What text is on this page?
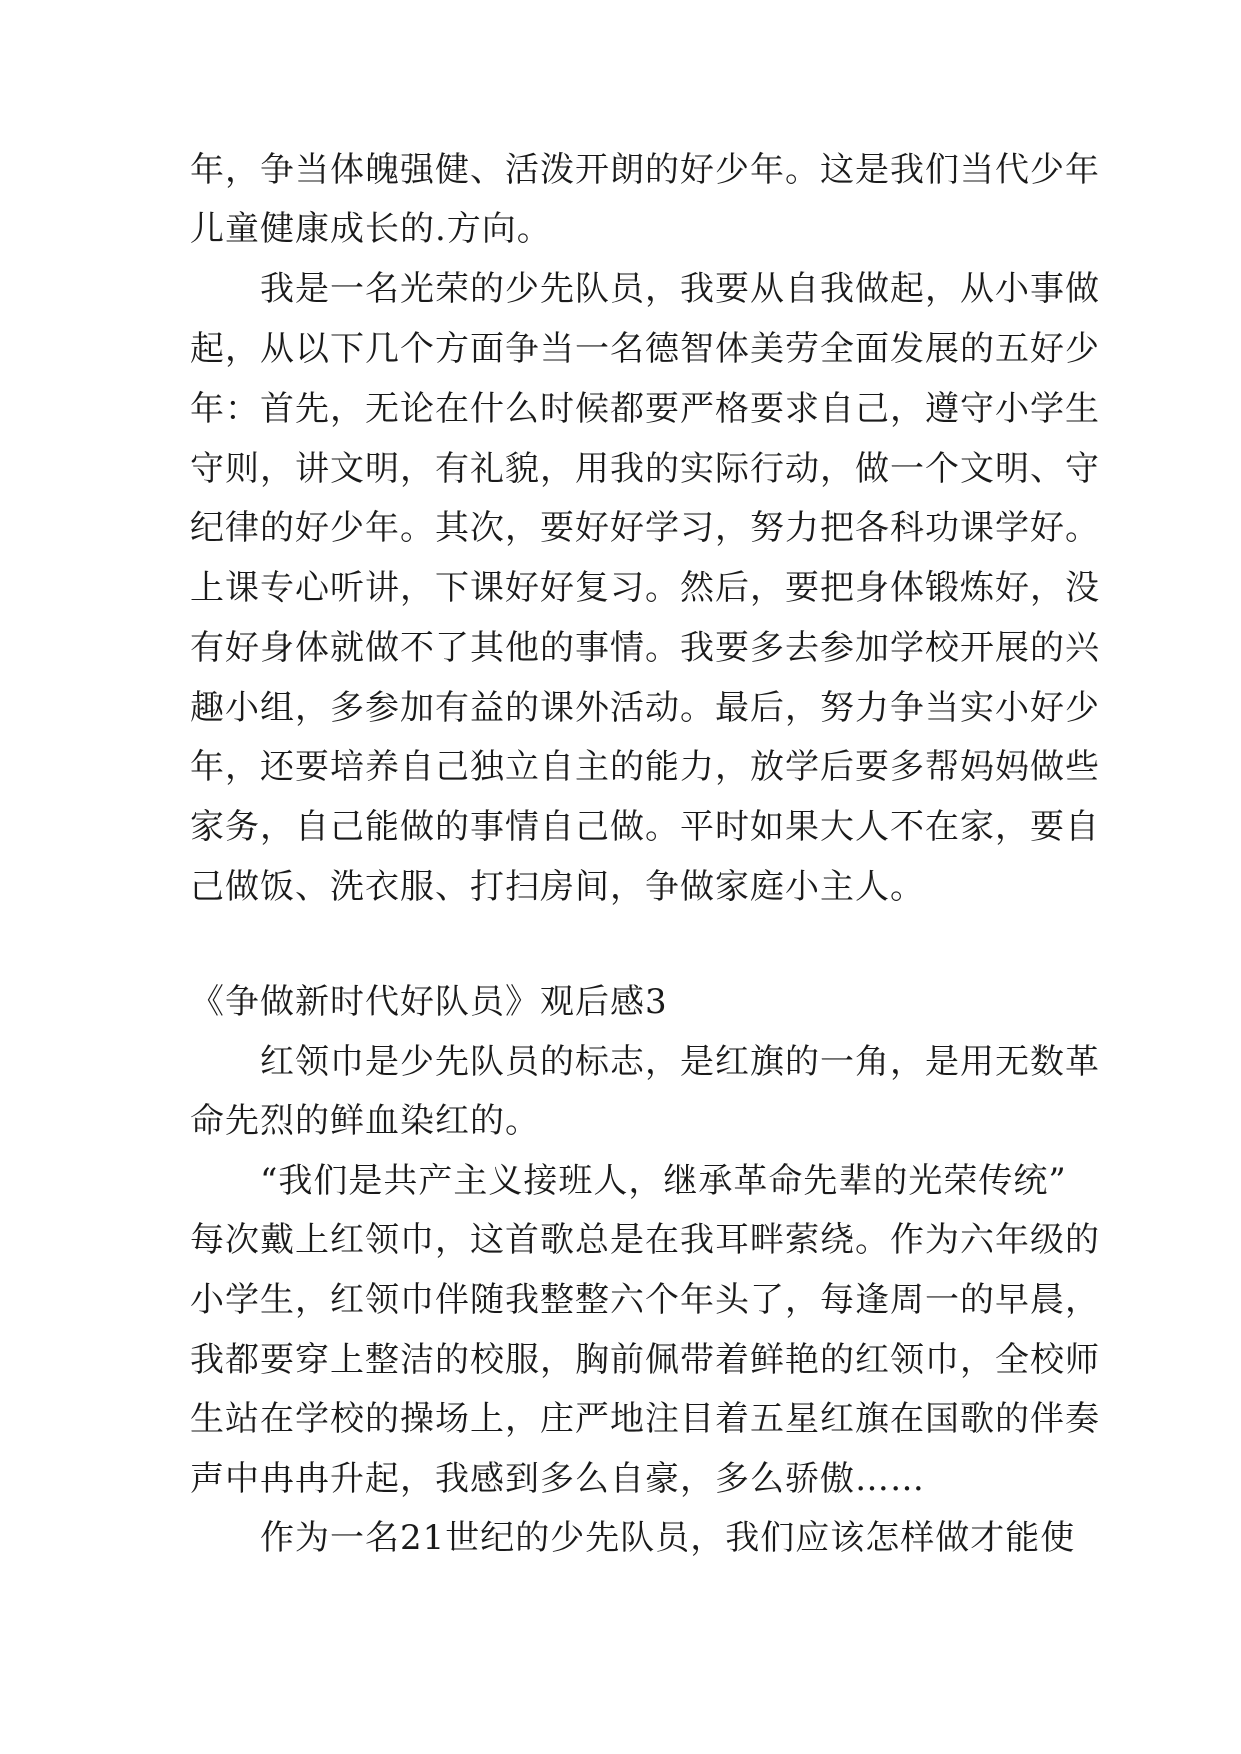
年，争当体魄强健、活泼开朗的好少年。这是我们当代少年
儿童健康成长的.方向。
　　我是一名光荣的少先队员，我要从自我做起，从小事做
起，从以下几个方面争当一名德智体美劳全面发展的五好少
年：首先，无论在什么时候都要严格要求自己，遵守小学生
守则，讲文明，有礼貌，用我的实际行动，做一个文明、守
纪律的好少年。其次，要好好学习，努力把各科功课学好。
上课专心听讲，下课好好复习。然后，要把身体锻炼好，没
有好身体就做不了其他的事情。我要多去参加学校开展的兴
趣小组，多参加有益的课外活动。最后，努力争当实小好少
年，还要培养自己独立自主的能力，放学后要多帮妈妈做些
家务，自己能做的事情自己做。平时如果大人不在家，要自
己做饭、洗衣服、打扫房间，争做家庭小主人。
《争做新时代好队员》观后感3
　　红领巾是少先队员的标志，是红旗的一角，是用无数革
命先烈的鲜血染红的。
　　“我们是共产主义接班人，继承革命先辈的光荣传统”
每次戴上红领巾，这首歌总是在我耳畔萦绕。作为六年级的
小学生，红领巾伴随我整整六个年头了，每逢周一的早晨，
我都要穿上整洁的校服，胸前佩带着鲜艳的红领巾，全校师
生站在学校的操场上，庄严地注目着五星红旗在国歌的伴奏
声中冉冉升起，我感到多么自豪，多么骄傲……
　　作为一名21世纪的少先队员，我们应该怎样做才能使
